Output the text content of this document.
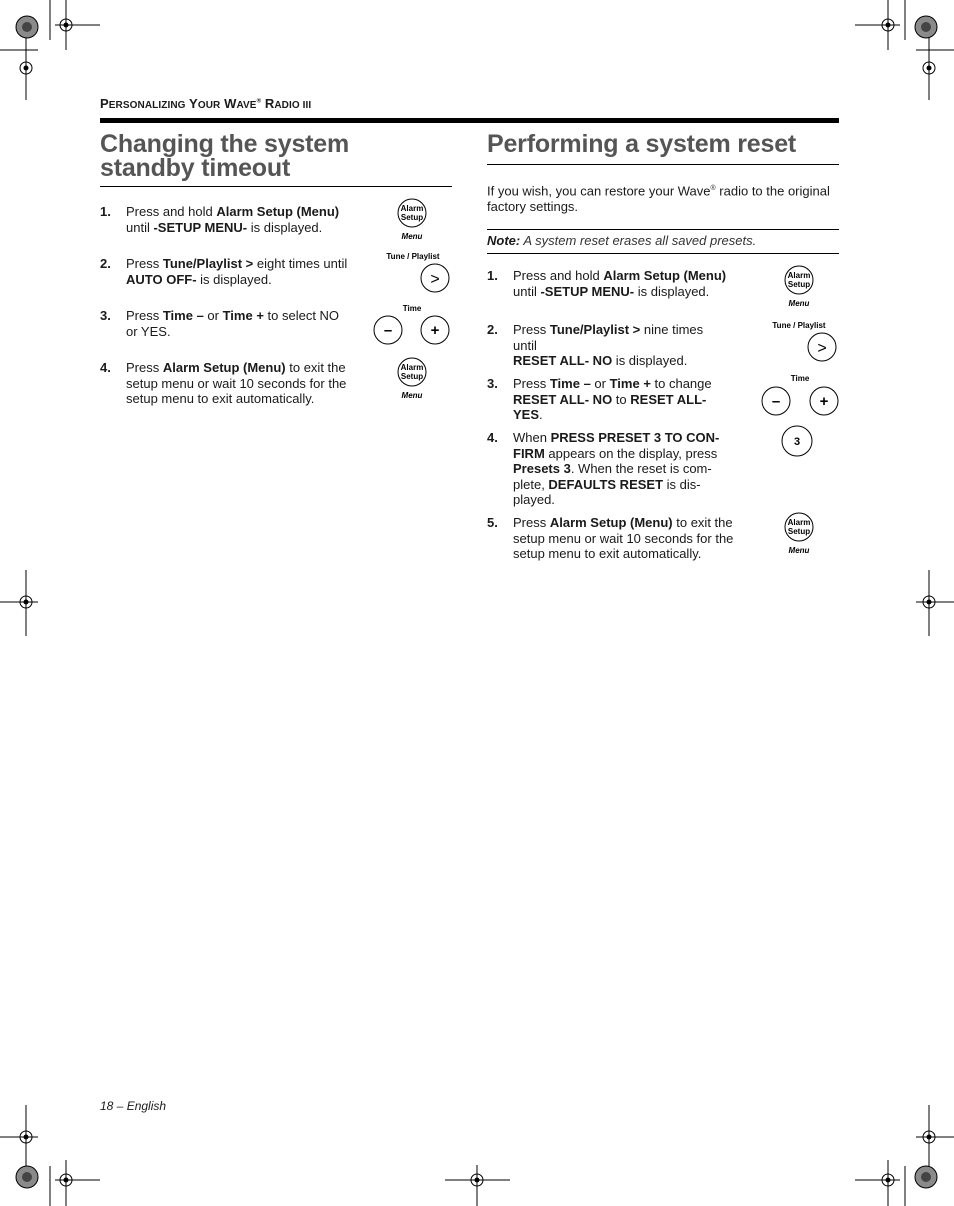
PERSONALIZING YOUR WAVE® RADIO III
Changing the system
standby timeout
1. Press and hold Alarm Setup (Menu) until -SETUP MENU- is displayed.
Alarm
Setup
Menu
2. Press Tune/Playlist > eight times until AUTO OFF- is displayed.
Tune / Playlist
>
3. Press Time – or Time + to select NO or YES.
Time
–	+
4. Press Alarm Setup (Menu) to exit the setup menu or wait 10 seconds for the setup menu to exit automatically.
Alarm
Setup
Menu
Performing a system reset

If you wish, you can restore your Wave® radio to the original factory settings.

Note: A system reset erases all saved presets.
1. Press and hold Alarm Setup (Menu) until -SETUP MENU- is displayed.
Alarm
Setup
Menu
2. Press Tune/Playlist > nine times until
RESET ALL- NO is displayed.
Tune / Playlist
>
3. Press Time – or Time + to change RESET ALL- NO to RESET ALL- YES.
Time
–	+
4. When PRESS PRESET 3 TO CON- FIRM appears on the display, press Presets 3. When the reset is com- plete, DEFAULTS RESET is dis- played.
3
5. Press Alarm Setup (Menu) to exit the setup menu or wait 10 seconds for the setup menu to exit automatically.
Alarm
Setup
Menu
18 – English
